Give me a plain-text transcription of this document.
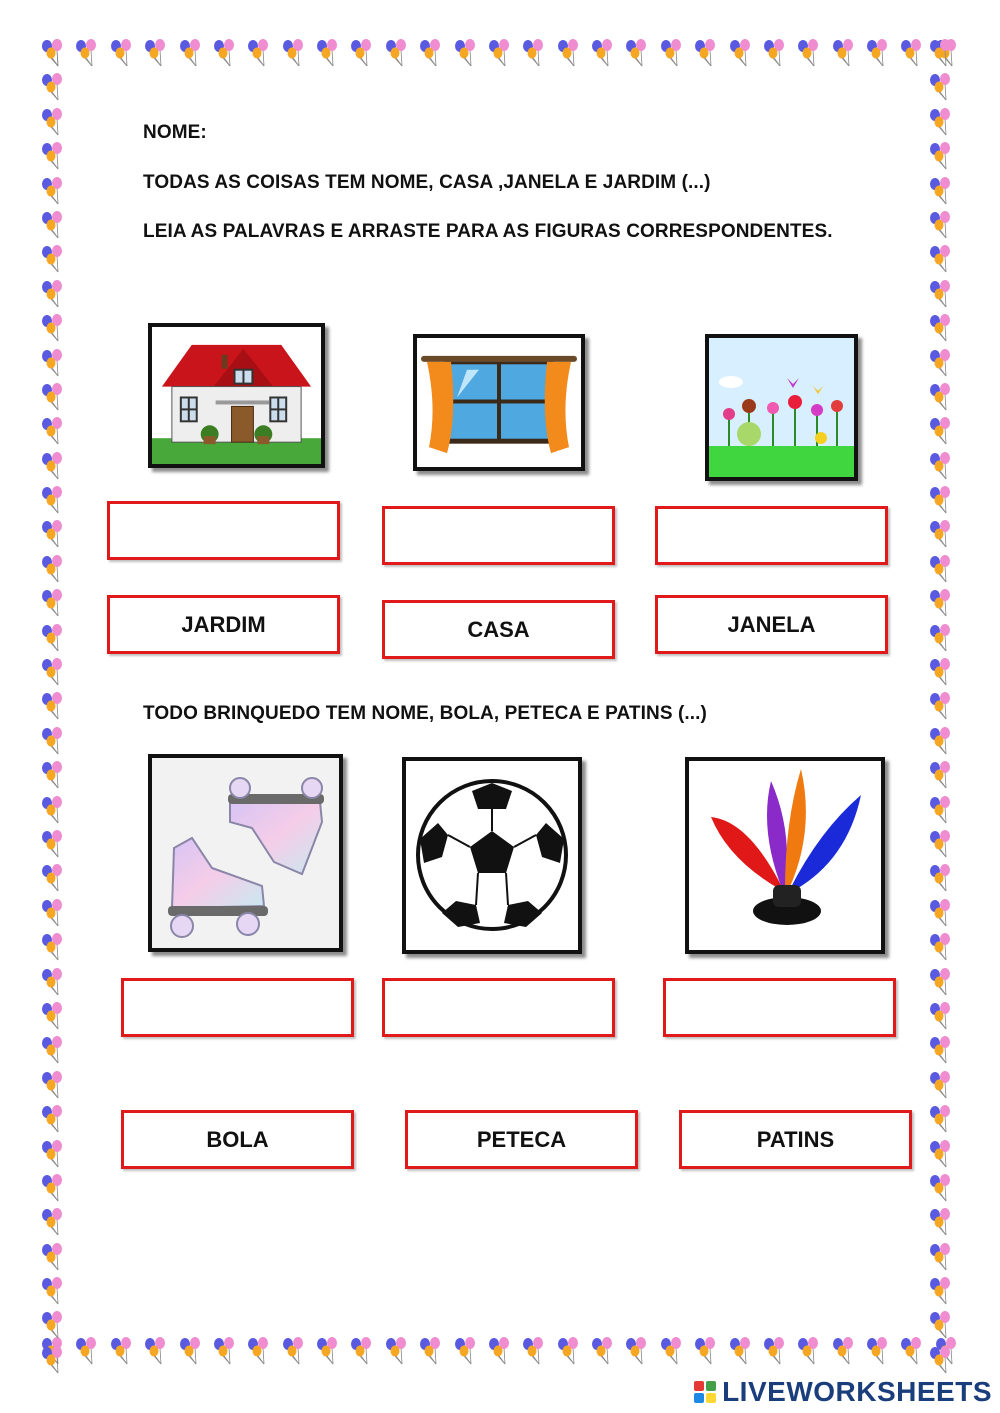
NOME:

TODAS AS COISAS TEM NOME, CASA ,JANELA E JARDIM (...)

LEIA AS PALAVRAS E ARRASTE PARA AS FIGURAS CORRESPONDENTES.

JARDIM	CASA	JANELA

TODO BRINQUEDO TEM NOME, BOLA, PETECA E PATINS (...)

BOLA	PETECA	PATINS
LIVEWORKSHEETS
